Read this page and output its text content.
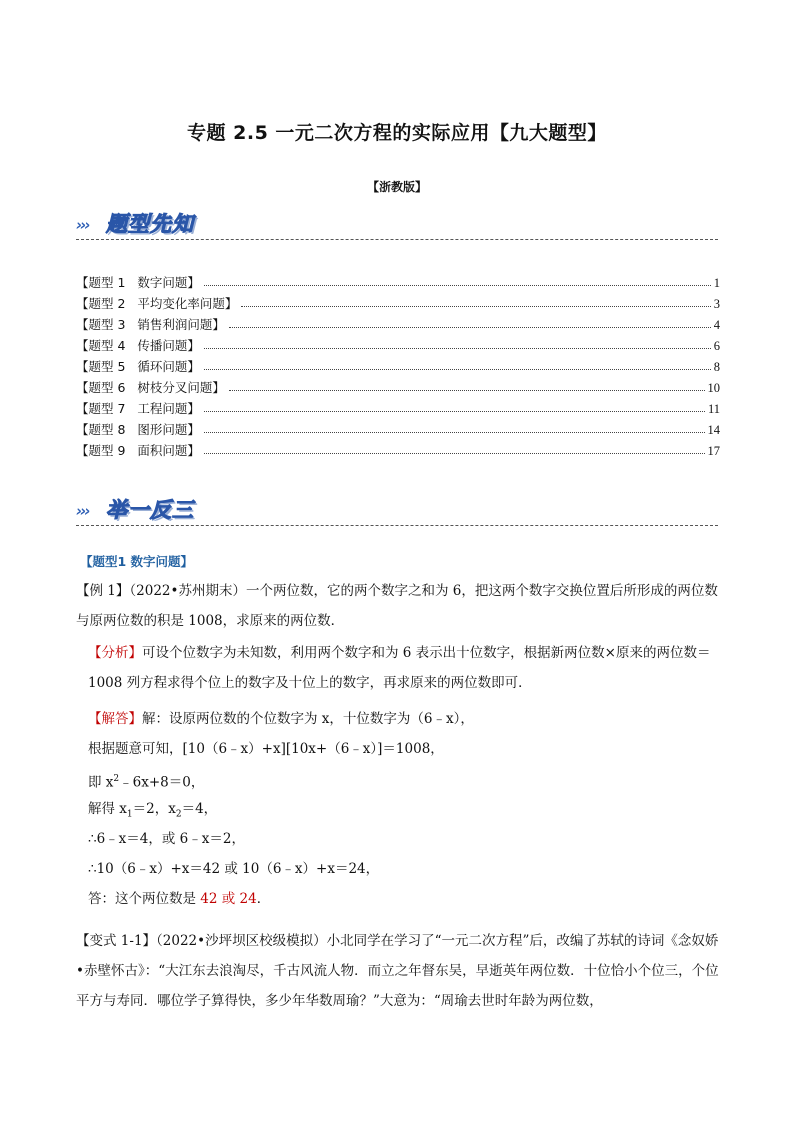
专题 2.5 一元二次方程的实际应用【九大题型】
【浙教版】
››› 题型先知
【题型 1   数字问题】	1
【题型 2   平均变化率问题】	3
【题型 3   销售利润问题】	4
【题型 4   传播问题】	6
【题型 5   循环问题】	8
【题型 6   树枝分叉问题】	10
【题型 7   工程问题】	11
【题型 8   图形问题】	14
【题型 9   面积问题】	17
››› 举一反三
【题型1 数字问题】
【例 1】（2022•苏州期末）一个两位数，它的两个数字之和为 6，把这两个数字交换位置后所形成的两位数与原两位数的积是 1008，求原来的两位数．
【分析】可设个位数字为未知数，利用两个数字和为 6 表示出十位数字，根据新两位数×原来的两位数＝1008 列方程求得个位上的数字及十位上的数字，再求原来的两位数即可．
【解答】解：设原两位数的个位数字为 x，十位数字为（6﹣x），
根据题意可知，[10（6﹣x）+x][10x+（6﹣x）]＝1008，
即 $x^2﹣6x+8=0$，
解得 $x_1=2$，$x_2=4$，
∴6﹣x＝4，或 6﹣x＝2，
∴10（6﹣x）+x＝42 或 10（6﹣x）+x＝24，
答：这个两位数是 42 或 24．
【变式 1-1】（2022•沙坪坝区校级模拟）小北同学在学习了“一元二次方程”后，改编了苏轼的诗词《念奴娇•赤壁怀古》：“大江东去浪淘尽，千古风流人物．而立之年督东吴，早逝英年两位数．十位恰小个位三，个位平方与寿同．哪位学子算得快，多少年华数周瑜？”大意为：“周瑜去世时年龄为两位数，
